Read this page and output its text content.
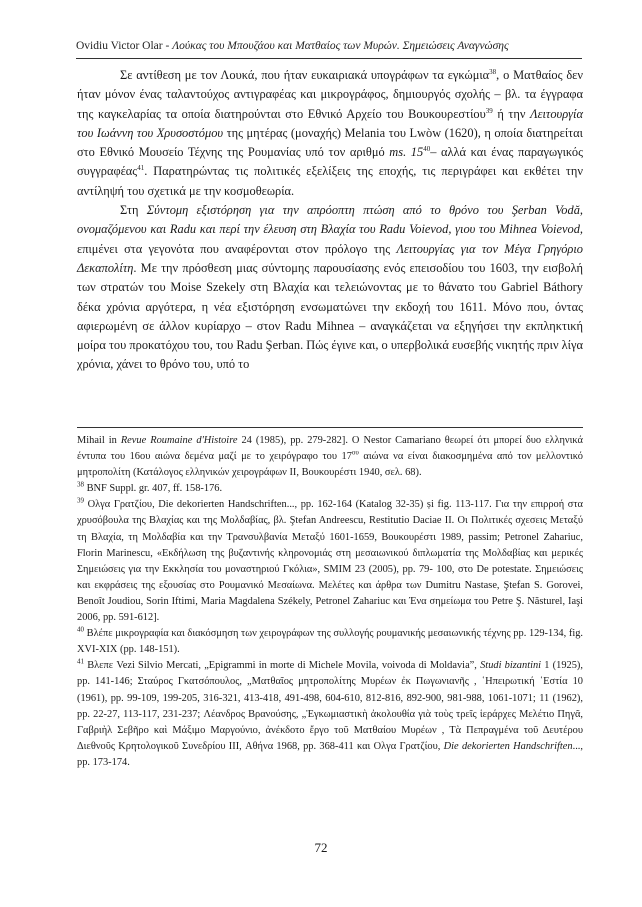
Ovidiu Victor Olar - Λούκας του Μπουζάου και Ματθαίος των Μυρών. Σημειώσεις Αναγνώσης

Σε αντίθεση με τον Λουκά, που ήταν ευκαιριακά υπογράφων τα εγκώμια$^{38}$, ο Ματθαίος δεν ήταν μόνον ένας ταλαντούχος αντιγραφέας και μικρογράφος, δημιουργός σχολής – βλ. τα έγγραφα της καγκελαρίας τα οποία διατηρούνται στο Εθνικό Αρχείο του Βουκουρεστίου$^{39}$ ή την Λειτουργία του Ιωάννη του Χρυσοστόμου της μητέρας (μοναχής) Melania του Lwòw (1620), η οποία διατηρείται στο Εθνικό Μουσείο Τέχνης της Ρουμανίας υπό τον αριθμό ms. $15^{40}-$ αλλά και ένας παραγωγικός συγγραφέας$^{41}$. Παρατηρώντας τις πολιτικές εξελίξεις της εποχής, τις περιγράφει και εκθέτει την αντίληψή του σχετικά με την κοσμοθεωρία.

Στη Σύντομη εξιστόρηση για την απρόοπτη πτώση από το θρόνο του Şerban Vodă, ονομαζόμενου και Radu και περί την έλευση στη Βλαχία του Radu Voievod, γιου του Mihnea Voievod, επιμένει στα γεγονότα που αναφέρονται στον πρόλογο της Λειτουργίας για τον Μέγα Γρηγόριο Δεκαπολίτη. Με την πρόσθεση μιας σύντομης παρουσίασης ενός επεισοδίου του 1603, την εισβολή των στρατών του Moise Szekely στη Βλαχία και τελειώνοντας με το θάνατο του Gabriel Báthory δέκα χρόνια αργότερα, η νέα εξιστόρηση ενσωματώνει την εκδοχή του 1611. Μόνο που, όντας αφιερωμένη σε άλλον κυρίαρχο – στον Radu Mihnea – αναγκάζεται να εξηγήσει την εκπληκτική μοίρα του προκατόχου του, του Radu Şerban. Πώς έγινε και, ο υπερβολικά ευσεβής νικητής πριν λίγα χρόνια, χάνει το θρόνο του, υπό το

Mihail in Revue Roumaine d'Histoire 24 (1985), pp. 279-282]. Ο Nestor Camariano θεωρεί ότι μπορεί δυο ελληνικά έντυπα του 16ου αιώνα δεμένα μαζί με το χειρόγραφο του $17^{o\upsilon}$ αιώνα να είναι διακοσμημένα από τον μελλοντικό μητροπολίτη (Κατάλογος ελληνικών χειρογράφων II, Βουκουρέστι 1940, σελ. 68).

$^{38}$ BNF Suppl. gr. 407, ff. 158-176.

$^{39}$ Ολγα Γρατζίου, Die dekorierten Handschriften..., pp. 162-164 (Katalog 32-35) și fig. 113-117. Για την επιρροή στα χρυσόβουλα της Βλαχίας και της Μολδαβίας, βλ. Ştefan Andreescu, Restitutio Daciae II. Οι Πολιτικές σχεσεις Μεταξύ τη Βλαχία, τη Μολδαβία και την Τρανσυλβανία Μεταξύ 1601-1659, Βουκουρέστι 1989, passim; Petronel Zahariuc, Florin Marinescu, «Εκδήλωση της βυζαντινής κληρονομιάς στη μεσαιωνικού διπλωματία της Μολδαβίας και μερικές Σημειώσεις για την Εκκλησία του μοναστηριού Γκόλια», SMIM 23 (2005), pp. 79- 100, στο De potestate. Σημειώσεις και εκφράσεις της εξουσίας στο Ρουμανικό Μεσαίωνα. Μελέτες και άρθρα των Dumitru Nastase, Ştefan S. Gorovei, Benoît Joudiou, Sorin Iftimi, Maria Magdalena Székely, Petronel Zahariuc και Ένα σημείωμα του Petre Ş. Năsturel, Iaşi 2006, pp. 591-612].

$^{40}$ Βλέπε μικρογραφία και διακόσμηση των χειρογράφων της συλλογής ρουμανικής μεσαιωνικής τέχνης pp. 129-134, fig. XVI-XIX (pp. 148-151).

$^{41}$ Βλεπε Vezi Silvio Mercati, „Epigrammi in morte di Michele Movila, voivoda di Moldavia”, Studi bizantini 1 (1925), pp. 141-146; Σταύρος Γκατσόπουλος, „Ματθαῖος μητροπολίτης Μυρέων ἐκ Πωγωνιανῆς , ῾Ηπειρωτική ῾Εστία 10 (1961), pp. 99-109, 199-205, 316-321, 413-418, 491-498, 604-610, 812-816, 892-900, 981-988, 1061-1071; 11 (1962), pp. 22-27, 113-117, 231-237; Λέανδρος Βρανούσης, „Ἐγκωμιαστικὴ ἀκολουθία γιὰ τοὺς τρεῖς ἱεράρχες Μελέτιο Πηγᾶ, Γαβριὴλ Σεβῆρο καὶ Μάξιμο Μαργούνιο, ἀνέκδοτο ἔργο τοῦ Ματθαίου Μυρέων , Τὰ Πεπραγμένα τοῦ Δευτέρου Διεθνοῦς Κρητολογικοῦ Συνεδρίου III, Αθήνα 1968, pp. 368-411 και Ολγα Γρατζίου, Die dekorierten Handschriften..., pp. 173-174.

72
